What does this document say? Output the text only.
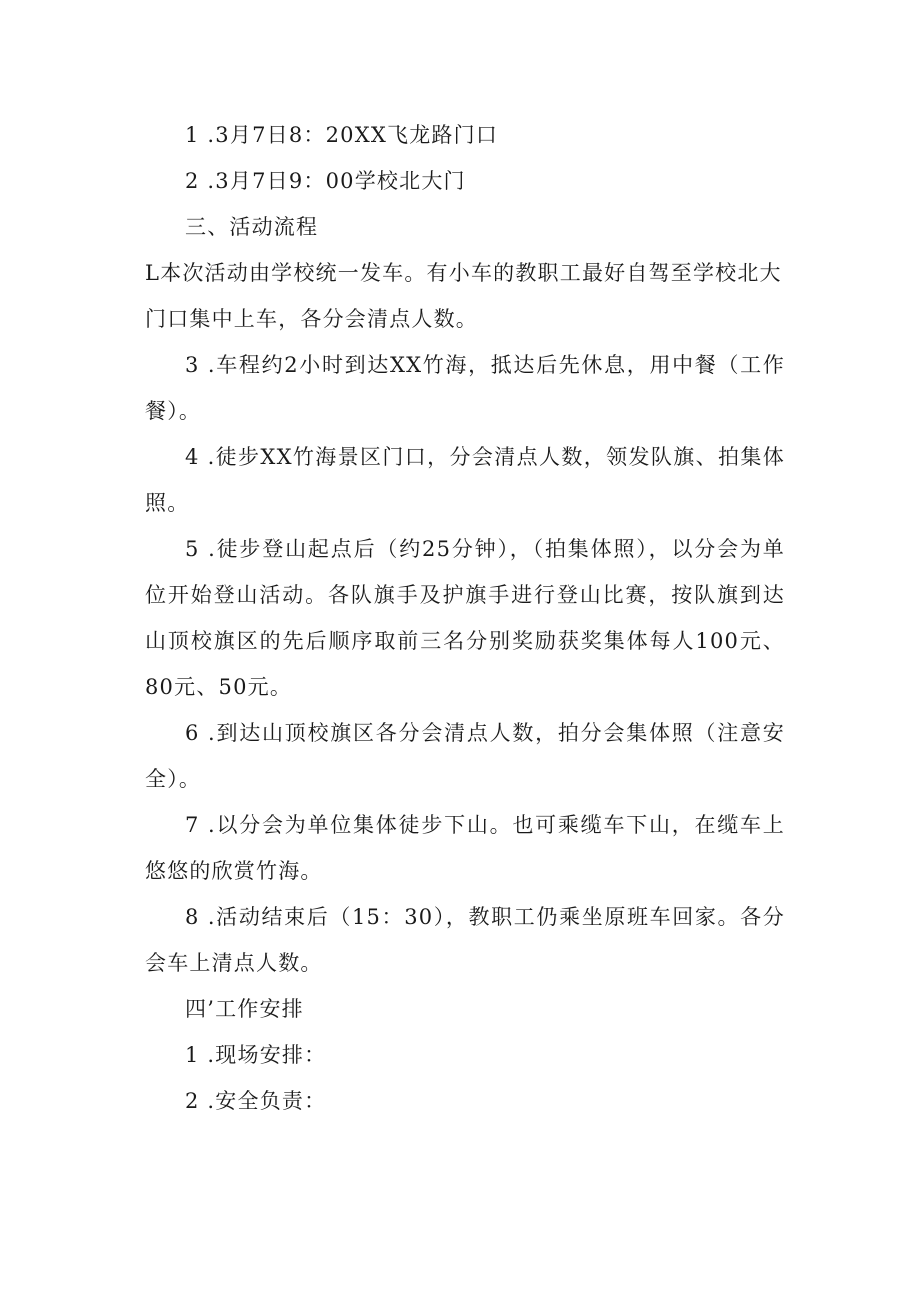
1 .3月7日8：20XX飞龙路门口

2 .3月7日9：00学校北大门

三、活动流程

L本次活动由学校统一发车。有小车的教职工最好自驾至学校北大门口集中上车，各分会清点人数。

3 .车程约2小时到达XX竹海，抵达后先休息，用中餐（工作餐）。

4 .徒步XX竹海景区门口，分会清点人数，领发队旗、拍集体照。

5 .徒步登山起点后（约25分钟），（拍集体照），以分会为单位开始登山活动。各队旗手及护旗手进行登山比赛，按队旗到达山顶校旗区的先后顺序取前三名分别奖励获奖集体每人100元、80元、50元。

6 .到达山顶校旗区各分会清点人数，拍分会集体照（注意安全）。

7 .以分会为单位集体徒步下山。也可乘缆车下山，在缆车上悠悠的欣赏竹海。

8 .活动结束后（15：30），教职工仍乘坐原班车回家。各分会车上清点人数。

四’工作安排

1 .现场安排：

2 .安全负责：
